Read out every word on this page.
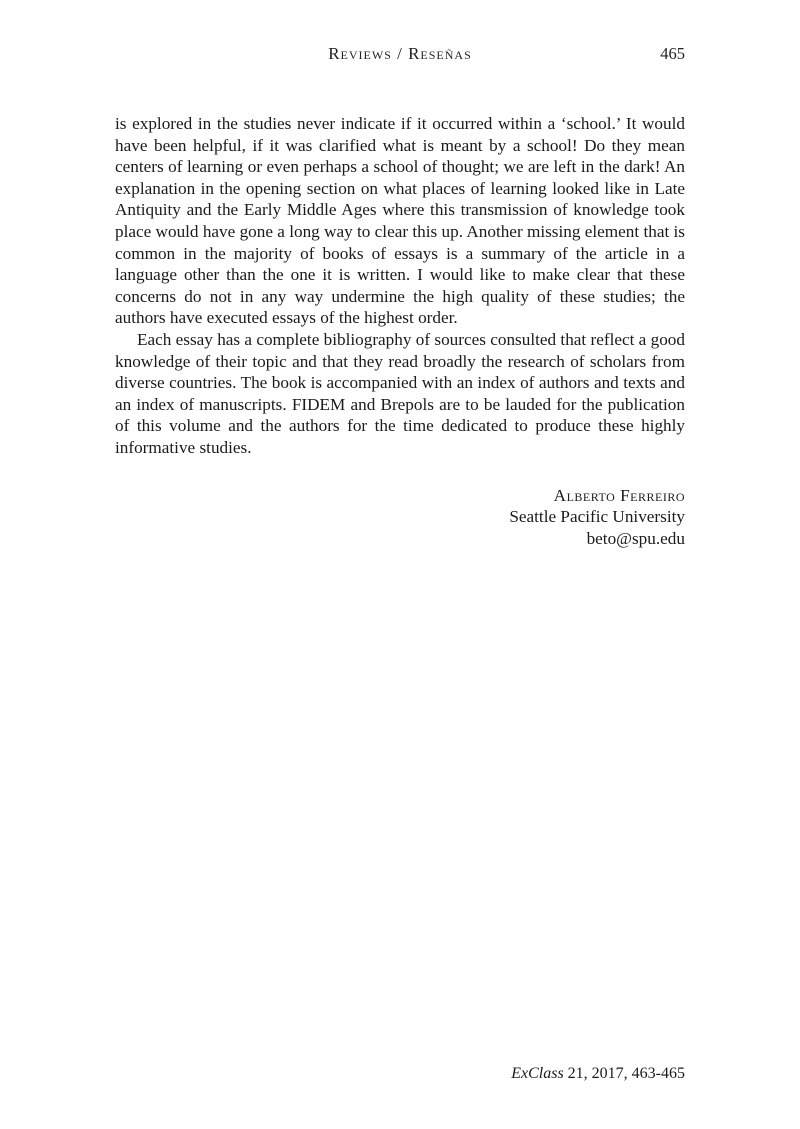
Reviews / Reseñas	465

is explored in the studies never indicate if it occurred within a ‘school.’ It would have been helpful, if it was clarified what is meant by a school! Do they mean centers of learning or even perhaps a school of thought; we are left in the dark! An explanation in the opening section on what places of learning looked like in Late Antiquity and the Early Middle Ages where this transmission of knowledge took place would have gone a long way to clear this up. Another missing element that is common in the majority of books of essays is a summary of the article in a language other than the one it is written. I would like to make clear that these concerns do not in any way undermine the high quality of these studies; the authors have executed essays of the highest order.

Each essay has a complete bibliography of sources consulted that reflect a good knowledge of their topic and that they read broadly the research of scholars from diverse countries. The book is accompanied with an index of authors and texts and an index of manuscripts. FIDEM and Brepols are to be lauded for the publication of this volume and the authors for the time dedicated to produce these highly informative studies.

Alberto Ferreiro
Seattle Pacific University
beto@spu.edu
ExClass 21, 2017, 463-465
